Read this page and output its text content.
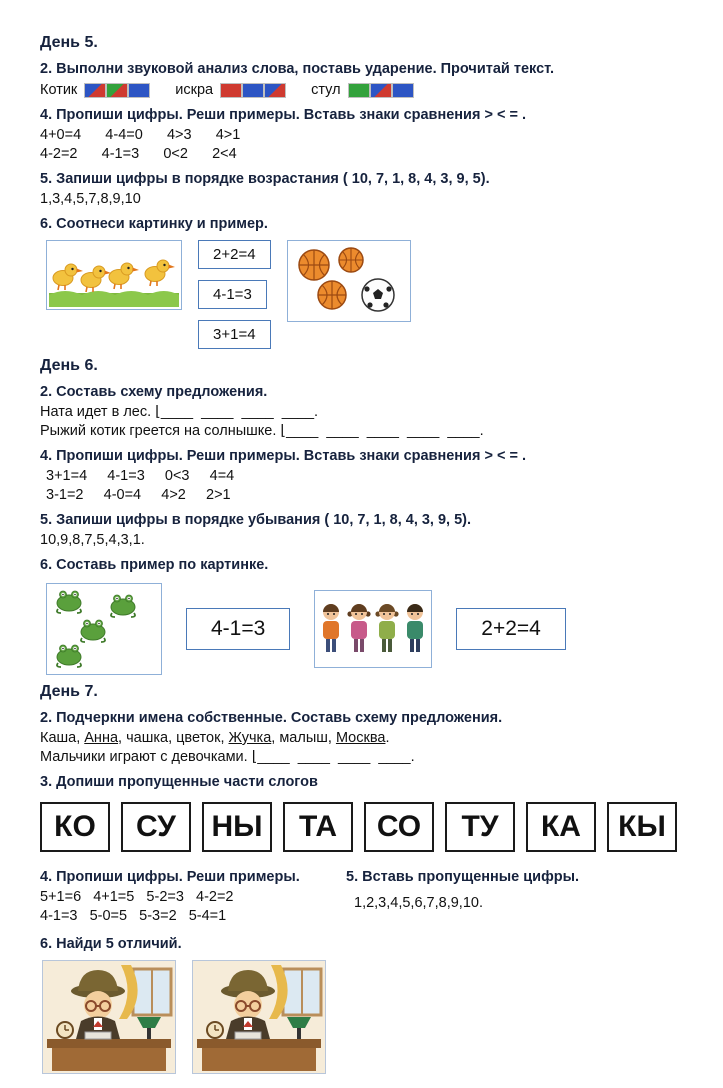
День 5.
2. Выполни звуковой анализ слова, поставь ударение. Прочитай текст.
Котик	искра	стул
4. Пропиши цифры. Реши примеры. Вставь знаки сравнения > < = .
4+0=4      4-4=0      4>3      4>1
4-2=2      4-1=3      0<2      2<4
5. Запиши цифры в порядке возрастания ( 10, 7, 1, 8, 4, 3, 9, 5).
1,3,4,5,7,8,9,10
6. Соотнеси картинку и пример.
2+2=4
4-1=3
3+1=4
День 6.
2. Составь схему предложения.
Ната идет в лес. ⌊____  ____  ____  ____.
Рыжий котик греется на солнышке. ⌊____  ____  ____  ____  ____.
4. Пропиши цифры. Реши примеры. Вставь знаки сравнения > < = .
3+1=4     4-1=3     0<3     4=4
3-1=2     4-0=4     4>2     2>1
5. Запиши цифры в порядке убывания ( 10, 7, 1, 8, 4, 3, 9, 5).
10,9,8,7,5,4,3,1.
6. Составь пример по картинке.
4-1=3	2+2=4
День 7.
2. Подчеркни имена собственные. Составь схему предложения.
Каша, Анна, чашка, цветок, Жучка, малыш, Москва.
Мальчики играют с девочками. ⌊____  ____  ____  ____.
3. Допиши пропущенные части слогов
КО	СУ	НЫ	ТА	СО	ТУ	КА	КЫ
4. Пропиши цифры. Реши примеры.
5+1=6   4+1=5   5-2=3   4-2=2
4-1=3   5-0=5   5-3=2   5-4=1
5. Вставь пропущенные цифры.
1,2,3,4,5,6,7,8,9,10.
6. Найди 5 отличий.
